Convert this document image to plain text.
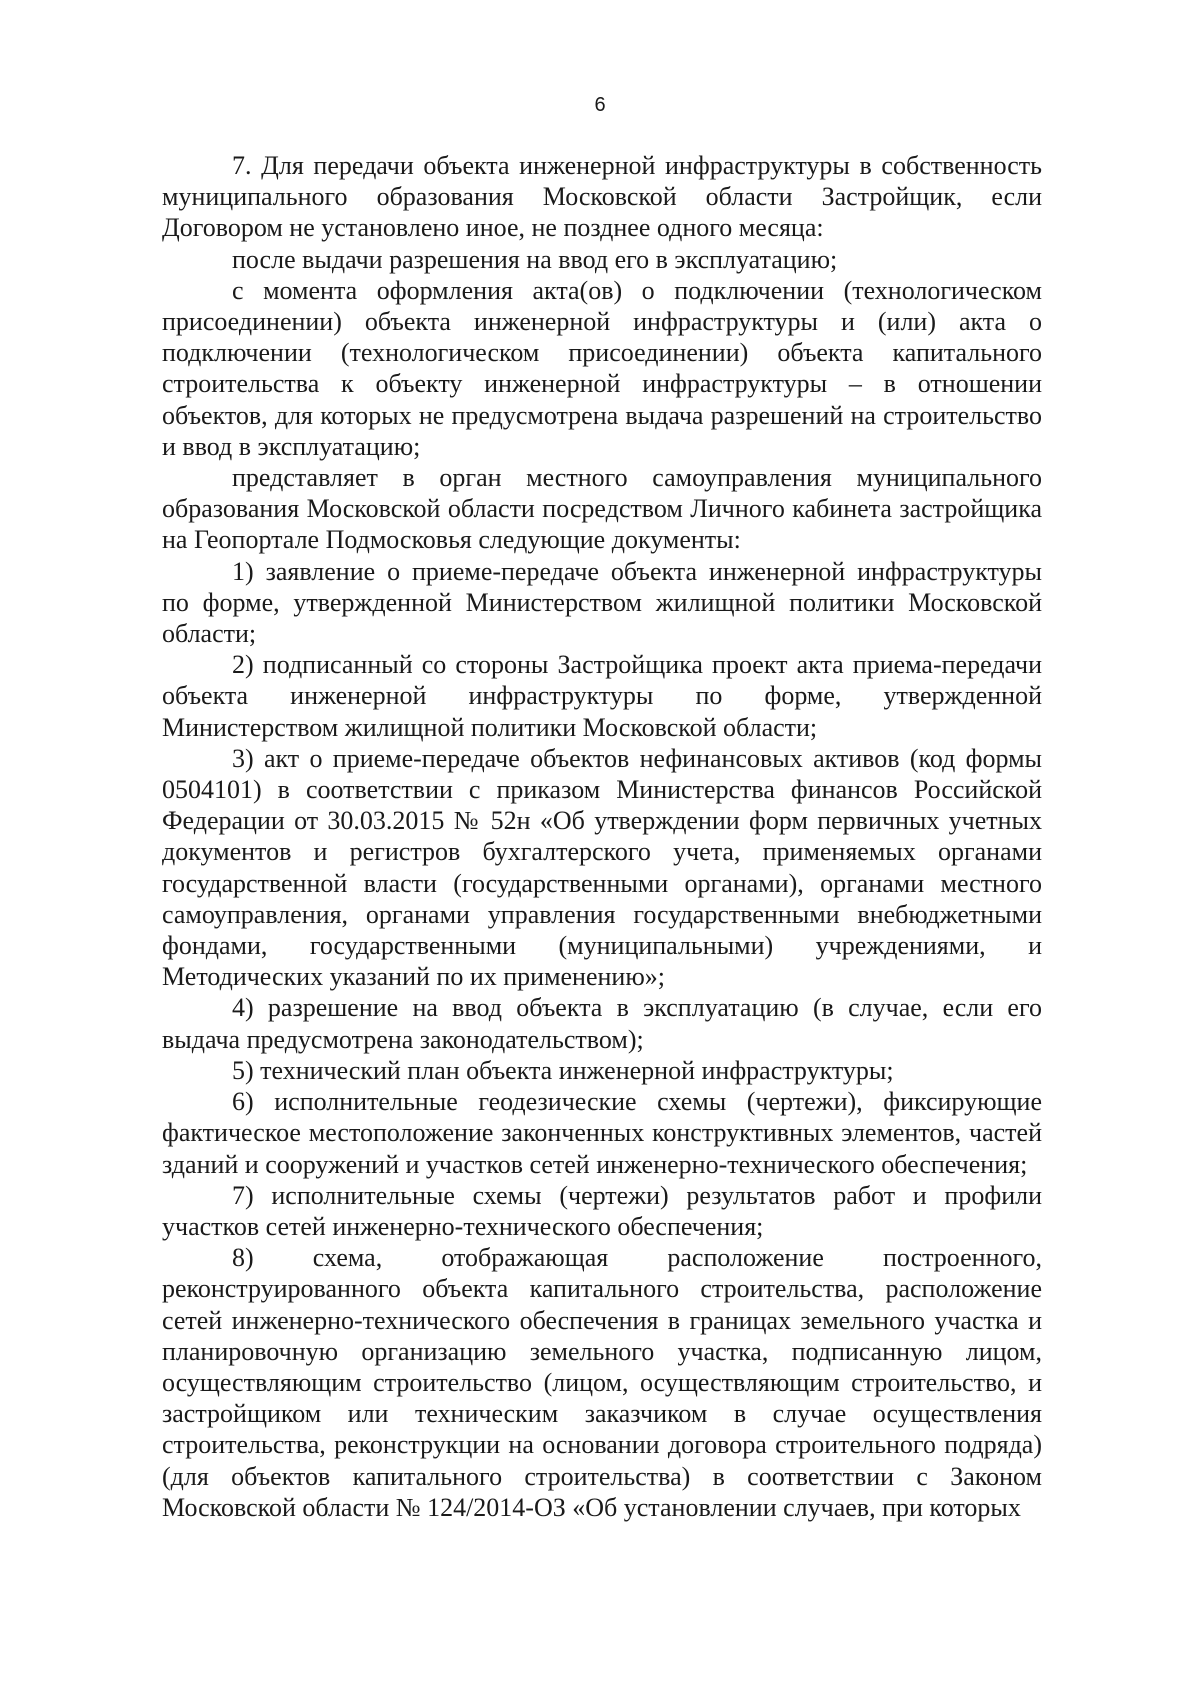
6

7. Для передачи объекта инженерной инфраструктуры в собственность муниципального образования Московской области Застройщик, если Договором не установлено иное, не позднее одного месяца:

после выдачи разрешения на ввод его в эксплуатацию;

с момента оформления акта(ов) о подключении (технологическом присоединении) объекта инженерной инфраструктуры и (или) акта о подключении (технологическом присоединении) объекта капитального строительства к объекту инженерной инфраструктуры – в отношении объектов, для которых не предусмотрена выдача разрешений на строительство и ввод в эксплуатацию;

представляет в орган местного самоуправления муниципального образования Московской области посредством Личного кабинета застройщика на Геопортале Подмосковья следующие документы:

1) заявление о приеме-передаче объекта инженерной инфраструктуры по форме, утвержденной Министерством жилищной политики Московской области;

2) подписанный со стороны Застройщика проект акта приема-передачи объекта инженерной инфраструктуры по форме, утвержденной Министерством жилищной политики Московской области;

3) акт о приеме-передаче объектов нефинансовых активов (код формы 0504101) в соответствии с приказом Министерства финансов Российской Федерации от 30.03.2015 № 52н «Об утверждении форм первичных учетных документов и регистров бухгалтерского учета, применяемых органами государственной власти (государственными органами), органами местного самоуправления, органами управления государственными внебюджетными фондами, государственными (муниципальными) учреждениями, и Методических указаний по их применению»;

4) разрешение на ввод объекта в эксплуатацию (в случае, если его выдача предусмотрена законодательством);

5) технический план объекта инженерной инфраструктуры;

6) исполнительные геодезические схемы (чертежи), фиксирующие фактическое местоположение законченных конструктивных элементов, частей зданий и сооружений и участков сетей инженерно-технического обеспечения;

7) исполнительные схемы (чертежи) результатов работ и профили участков сетей инженерно-технического обеспечения;

8) схема, отображающая расположение построенного, реконструированного объекта капитального строительства, расположение сетей инженерно-технического обеспечения в границах земельного участка и планировочную организацию земельного участка, подписанную лицом, осуществляющим строительство (лицом, осуществляющим строительство, и застройщиком или техническим заказчиком в случае осуществления строительства, реконструкции на основании договора строительного подряда) (для объектов капитального строительства) в соответствии с Законом Московской области № 124/2014-ОЗ «Об установлении случаев, при которых
